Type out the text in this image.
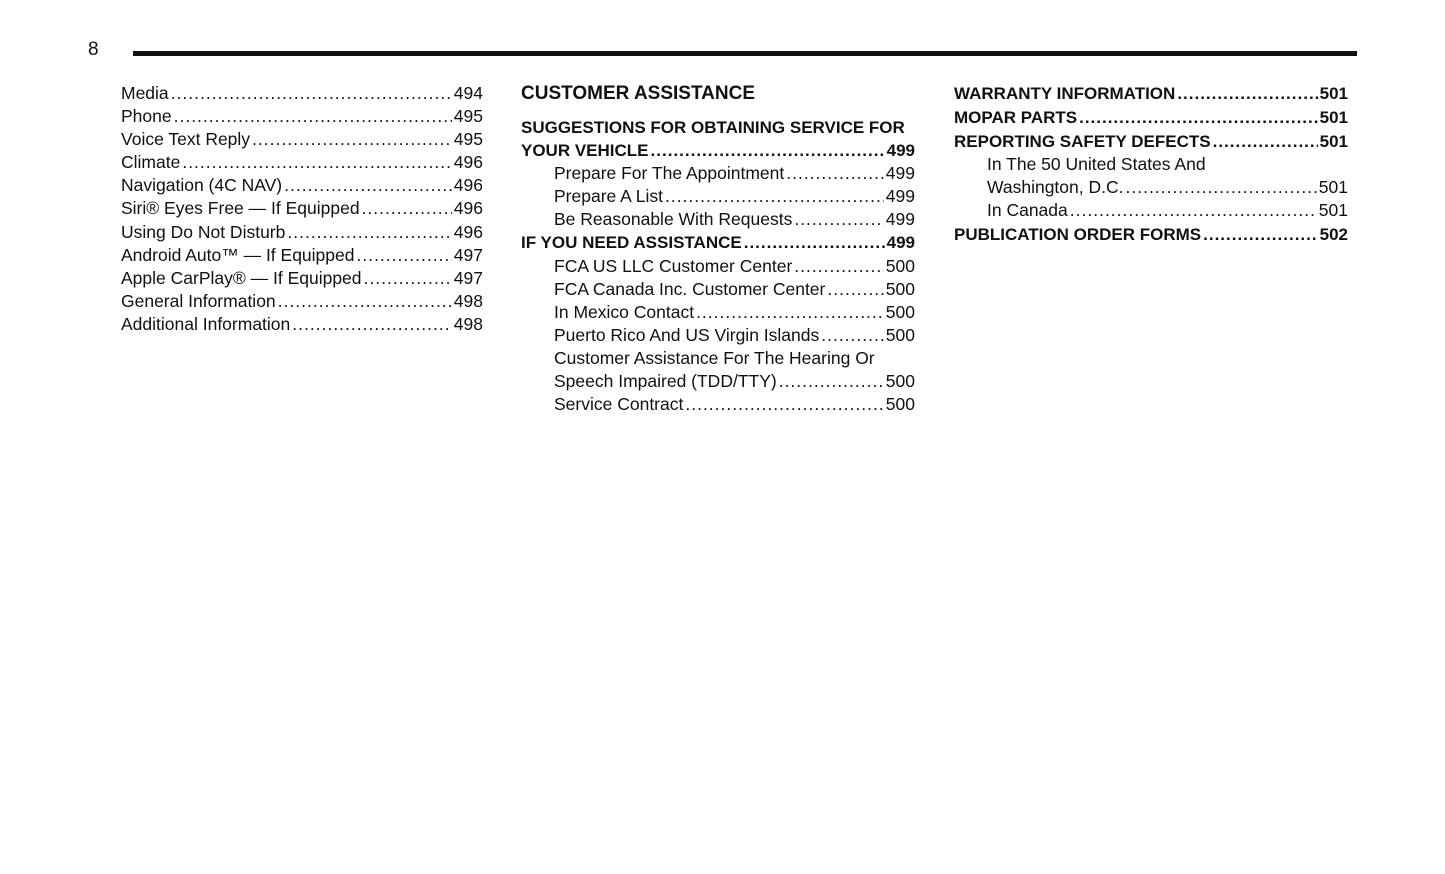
8
Media .....	494
Phone .....	495
Voice Text Reply .....	495
Climate .....	496
Navigation (4C NAV) .....	496
Siri® Eyes Free — If Equipped .....	496
Using Do Not Disturb .....	496
Android Auto™ — If Equipped .....	497
Apple CarPlay® — If Equipped .....	497
General Information .....	498
Additional Information .....	498
CUSTOMER ASSISTANCE
SUGGESTIONS FOR OBTAINING SERVICE FOR
YOUR VEHICLE .....	499
Prepare For The Appointment .....	499
Prepare A List .....	499
Be Reasonable With Requests .....	499
IF YOU NEED ASSISTANCE .....	499
FCA US LLC Customer Center .....	500
FCA Canada Inc. Customer Center .....	500
In Mexico Contact .....	500
Puerto Rico And US Virgin Islands .....	500
Customer Assistance For The Hearing Or
Speech Impaired (TDD/TTY) .....	500
Service Contract .....	500
WARRANTY INFORMATION .....	501
MOPAR PARTS .....	501
REPORTING SAFETY DEFECTS .....	501
In The 50 United States And
Washington, D.C. .....	501
In Canada .....	501
PUBLICATION ORDER FORMS .....	502
